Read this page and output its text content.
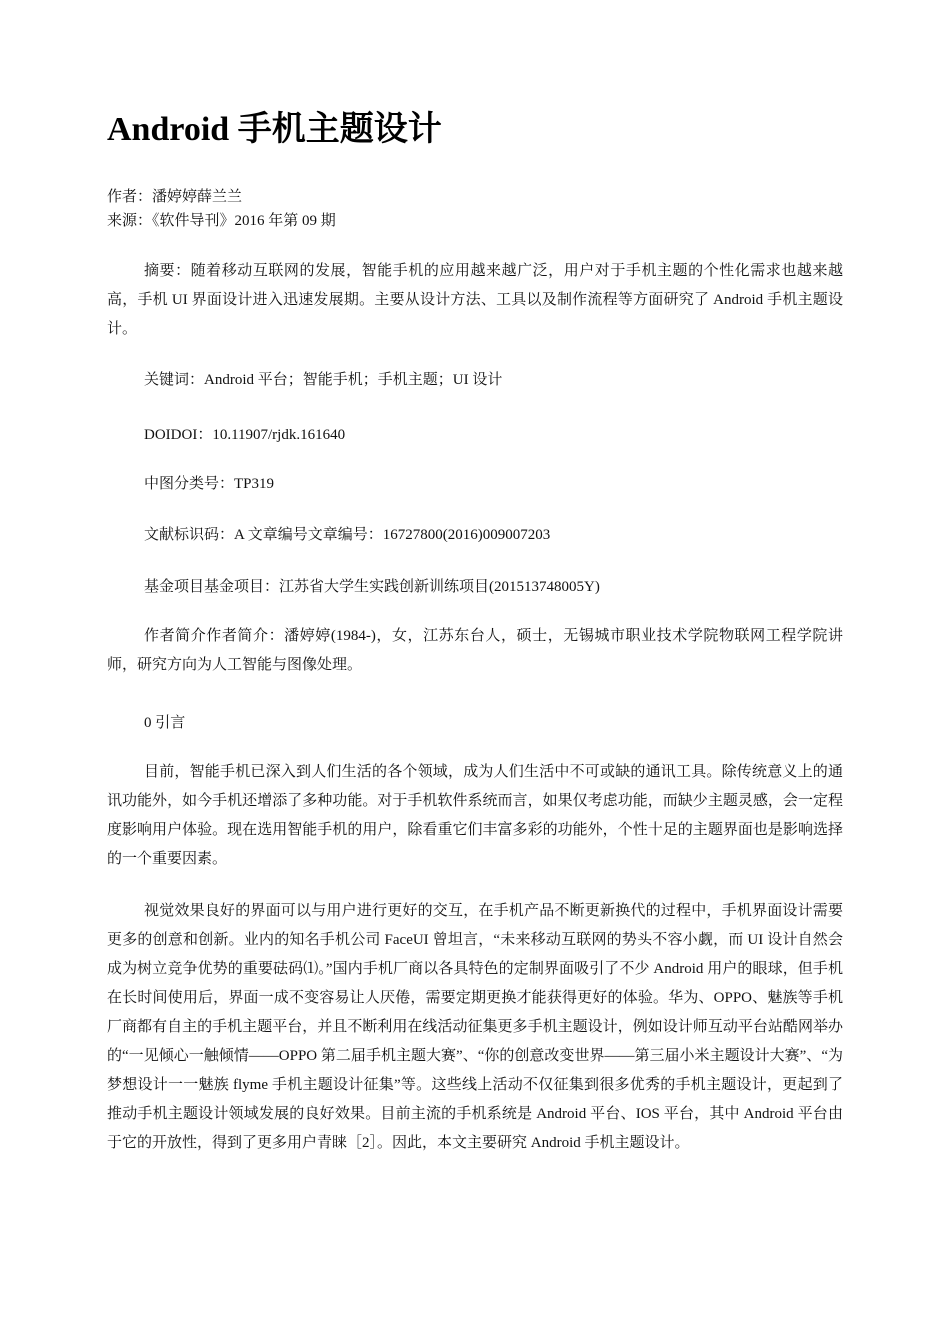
Android 手机主题设计

作者：潘婷婷薛兰兰

来源：《软件导刊》2016 年第 09 期

摘要：随着移动互联网的发展，智能手机的应用越来越广泛，用户对于手机主题的个性化需求也越来越高，手机 UI 界面设计进入迅速发展期。主要从设计方法、工具以及制作流程等方面研究了 Android 手机主题设计。

关键词：Android 平台；智能手机；手机主题；UI 设计

DOIDOI：10.11907/rjdk.161640

中图分类号：TP319

文献标识码：A 文章编号文章编号：16727800(2016)009007203

基金项目基金项目：江苏省大学生实践创新训练项目(201513748005Y)

作者简介作者简介：潘婷婷(1984-)，女，江苏东台人，硕士，无锡城市职业技术学院物联网工程学院讲师，研究方向为人工智能与图像处理。

0 引言

目前，智能手机已深入到人们生活的各个领域，成为人们生活中不可或缺的通讯工具。除传统意义上的通讯功能外，如今手机还增添了多种功能。对于手机软件系统而言，如果仅考虑功能，而缺少主题灵感，会一定程度影响用户体验。现在选用智能手机的用户，除看重它们丰富多彩的功能外，个性十足的主题界面也是影响选择的一个重要因素。

视觉效果良好的界面可以与用户进行更好的交互，在手机产品不断更新换代的过程中，手机界面设计需要更多的创意和创新。业内的知名手机公司 FaceUI 曾坦言，“未来移动互联网的势头不容小觑，而 UI 设计自然会成为树立竞争优势的重要砝码⑴。”国内手机厂商以各具特色的定制界面吸引了不少 Android 用户的眼球，但手机在长时间使用后，界面一成不变容易让人厌倦，需要定期更换才能获得更好的体验。华为、OPPO、魅族等手机厂商都有自主的手机主题平台，并且不断利用在线活动征集更多手机主题设计，例如设计师互动平台站酷网举办的“一见倾心一触倾情——OPPO 第二届手机主题大赛”、“你的创意改变世界——第三届小米主题设计大赛”、“为梦想设计一一魅族 flyme 手机主题设计征集”等。这些线上活动不仅征集到很多优秀的手机主题设计，更起到了推动手机主题设计领域发展的良好效果。目前主流的手机系统是 Android 平台、IOS 平台，其中 Android 平台由于它的开放性，得到了更多用户青睐［2］。因此，本文主要研究 Android 手机主题设计。
